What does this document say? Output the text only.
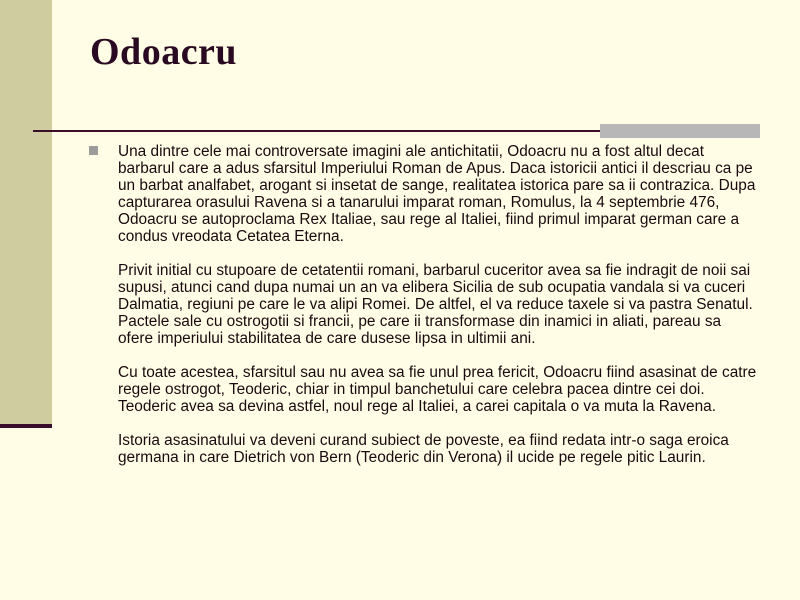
Odoacru

Una dintre cele mai controversate imagini ale antichitatii, Odoacru nu a fost altul decat barbarul care a adus sfarsitul Imperiului Roman de Apus. Daca istoricii antici il descriau ca pe un barbat analfabet, arogant si insetat de sange, realitatea istorica pare sa ii contrazica. Dupa capturarea orasului Ravena si a tanarului imparat roman, Romulus, la 4 septembrie 476, Odoacru se autoproclama Rex Italiae, sau rege al Italiei, fiind primul imparat german care a condus vreodata Cetatea Eterna.

Privit initial cu stupoare de cetatentii romani, barbarul cuceritor avea sa fie indragit de noii sai supusi, atunci cand dupa numai un an va elibera Sicilia de sub ocupatia vandala si va cuceri Dalmatia, regiuni pe care le va alipi Romei. De altfel, el va reduce taxele si va pastra Senatul. Pactele sale cu ostrogotii si francii, pe care ii transformase din inamici in aliati, pareau sa ofere imperiului stabilitatea de care dusese lipsa in ultimii ani.

Cu toate acestea, sfarsitul sau nu avea sa fie unul prea fericit, Odoacru fiind asasinat de catre regele ostrogot, Teoderic, chiar in timpul banchetului care celebra pacea dintre cei doi. Teoderic avea sa devina astfel, noul rege al Italiei, a carei capitala o va muta la Ravena.

Istoria asasinatului va deveni curand subiect de poveste, ea fiind redata intr-o saga eroica germana in care Dietrich von Bern (Teoderic din Verona) il ucide pe regele pitic Laurin.
